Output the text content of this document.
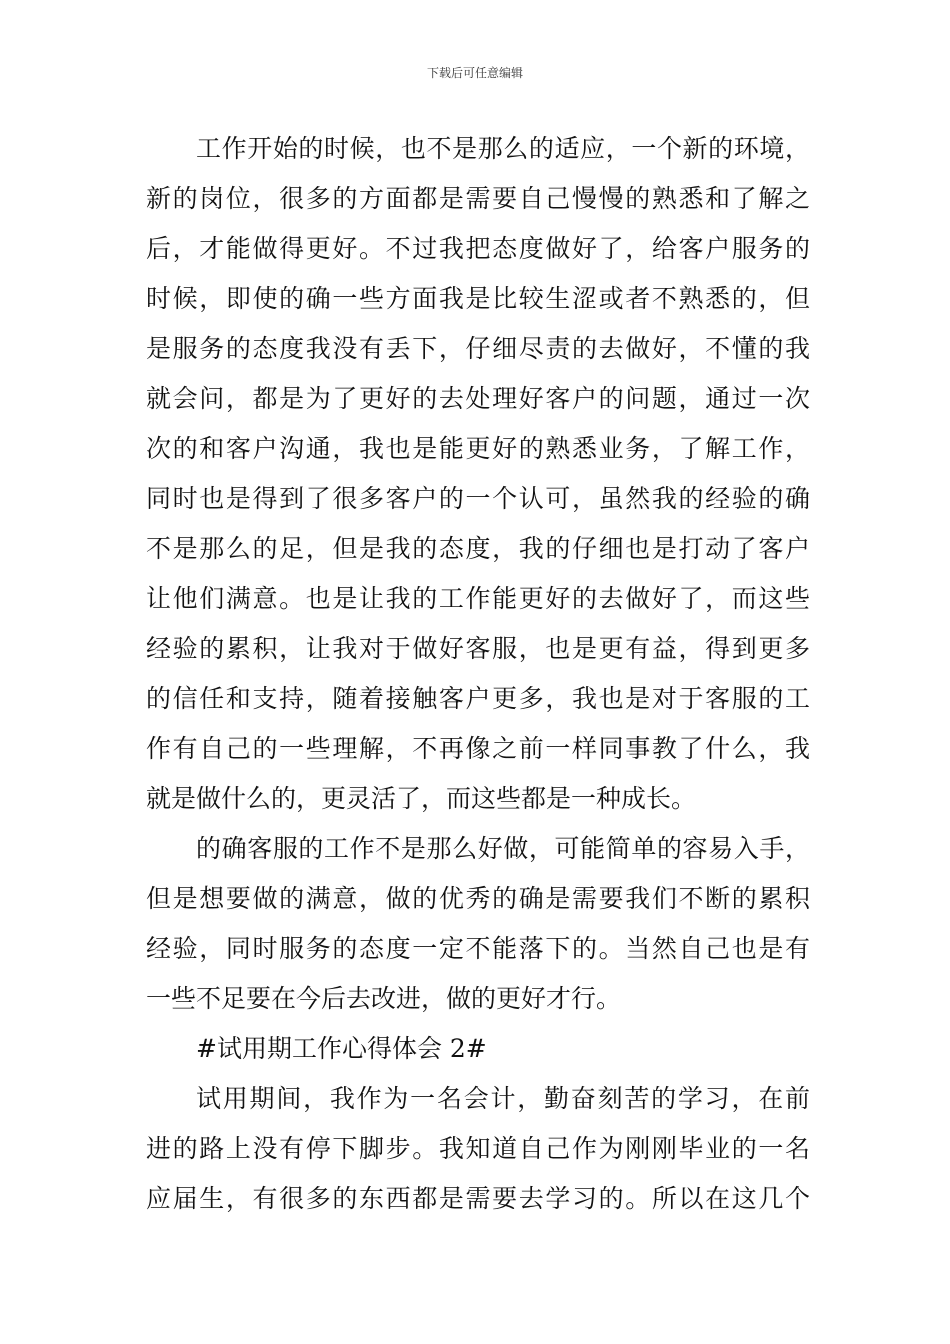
下载后可任意编辑
工作开始的时候，也不是那么的适应，一个新的环境，
新的岗位，很多的方面都是需要自己慢慢的熟悉和了解之
后，才能做得更好。不过我把态度做好了，给客户服务的
时候，即使的确一些方面我是比较生涩或者不熟悉的，但
是服务的态度我没有丢下，仔细尽责的去做好，不懂的我
就会问，都是为了更好的去处理好客户的问题，通过一次
次的和客户沟通，我也是能更好的熟悉业务，了解工作，
同时也是得到了很多客户的一个认可，虽然我的经验的确
不是那么的足，但是我的态度，我的仔细也是打动了客户
让他们满意。也是让我的工作能更好的去做好了，而这些
经验的累积，让我对于做好客服，也是更有益，得到更多
的信任和支持，随着接触客户更多，我也是对于客服的工
作有自己的一些理解，不再像之前一样同事教了什么，我
就是做什么的，更灵活了，而这些都是一种成长。
的确客服的工作不是那么好做，可能简单的容易入手，
但是想要做的满意，做的优秀的确是需要我们不断的累积
经验，同时服务的态度一定不能落下的。当然自己也是有
一些不足要在今后去改进，做的更好才行。
#试用期工作心得体会 2#
试用期间，我作为一名会计，勤奋刻苦的学习，在前
进的路上没有停下脚步。我知道自己作为刚刚毕业的一名
应届生，有很多的东西都是需要去学习的。所以在这几个
